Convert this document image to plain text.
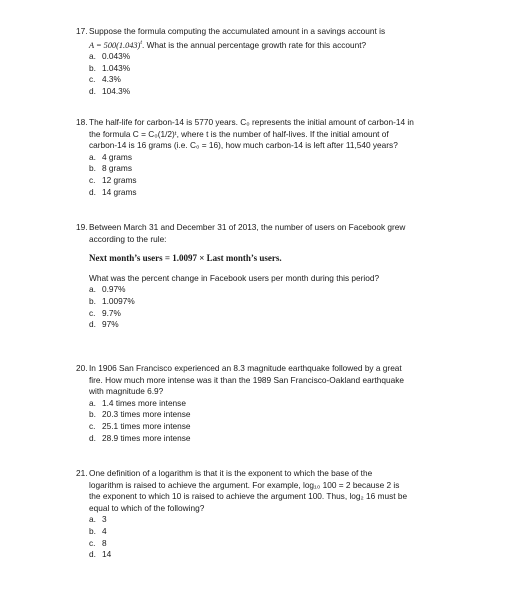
17. Suppose the formula computing the accumulated amount in a savings account is
$A = 500(1.043)^t$. What is the annual percentage growth rate for this account?
a. 0.043%
b. 1.043%
c. 4.3%
d. 104.3%
18. The half-life for carbon-14 is 5770 years. C₀ represents the initial amount of carbon-14 in
the formula C = C₀(1/2)ᵗ, where t is the number of half-lives. If the initial amount of
carbon-14 is 16 grams (i.e. C₀ = 16), how much carbon-14 is left after 11,540 years?
a. 4 grams
b. 8 grams
c. 12 grams
d. 14 grams
19. Between March 31 and December 31 of 2013, the number of users on Facebook grew
according to the rule:
Next month’s users = 1.0097 × Last month’s users.
What was the percent change in Facebook users per month during this period?
a. 0.97%
b. 1.0097%
c. 9.7%
d. 97%
20. In 1906 San Francisco experienced an 8.3 magnitude earthquake followed by a great
fire. How much more intense was it than the 1989 San Francisco-Oakland earthquake
with magnitude 6.9?
a. 1.4 times more intense
b. 20.3 times more intense
c. 25.1 times more intense
d. 28.9 times more intense
21. One definition of a logarithm is that it is the exponent to which the base of the
logarithm is raised to achieve the argument. For example, log₁₀ 100 = 2 because 2 is
the exponent to which 10 is raised to achieve the argument 100. Thus, log₂ 16 must be
equal to which of the following?
a. 3
b. 4
c. 8
d. 14
